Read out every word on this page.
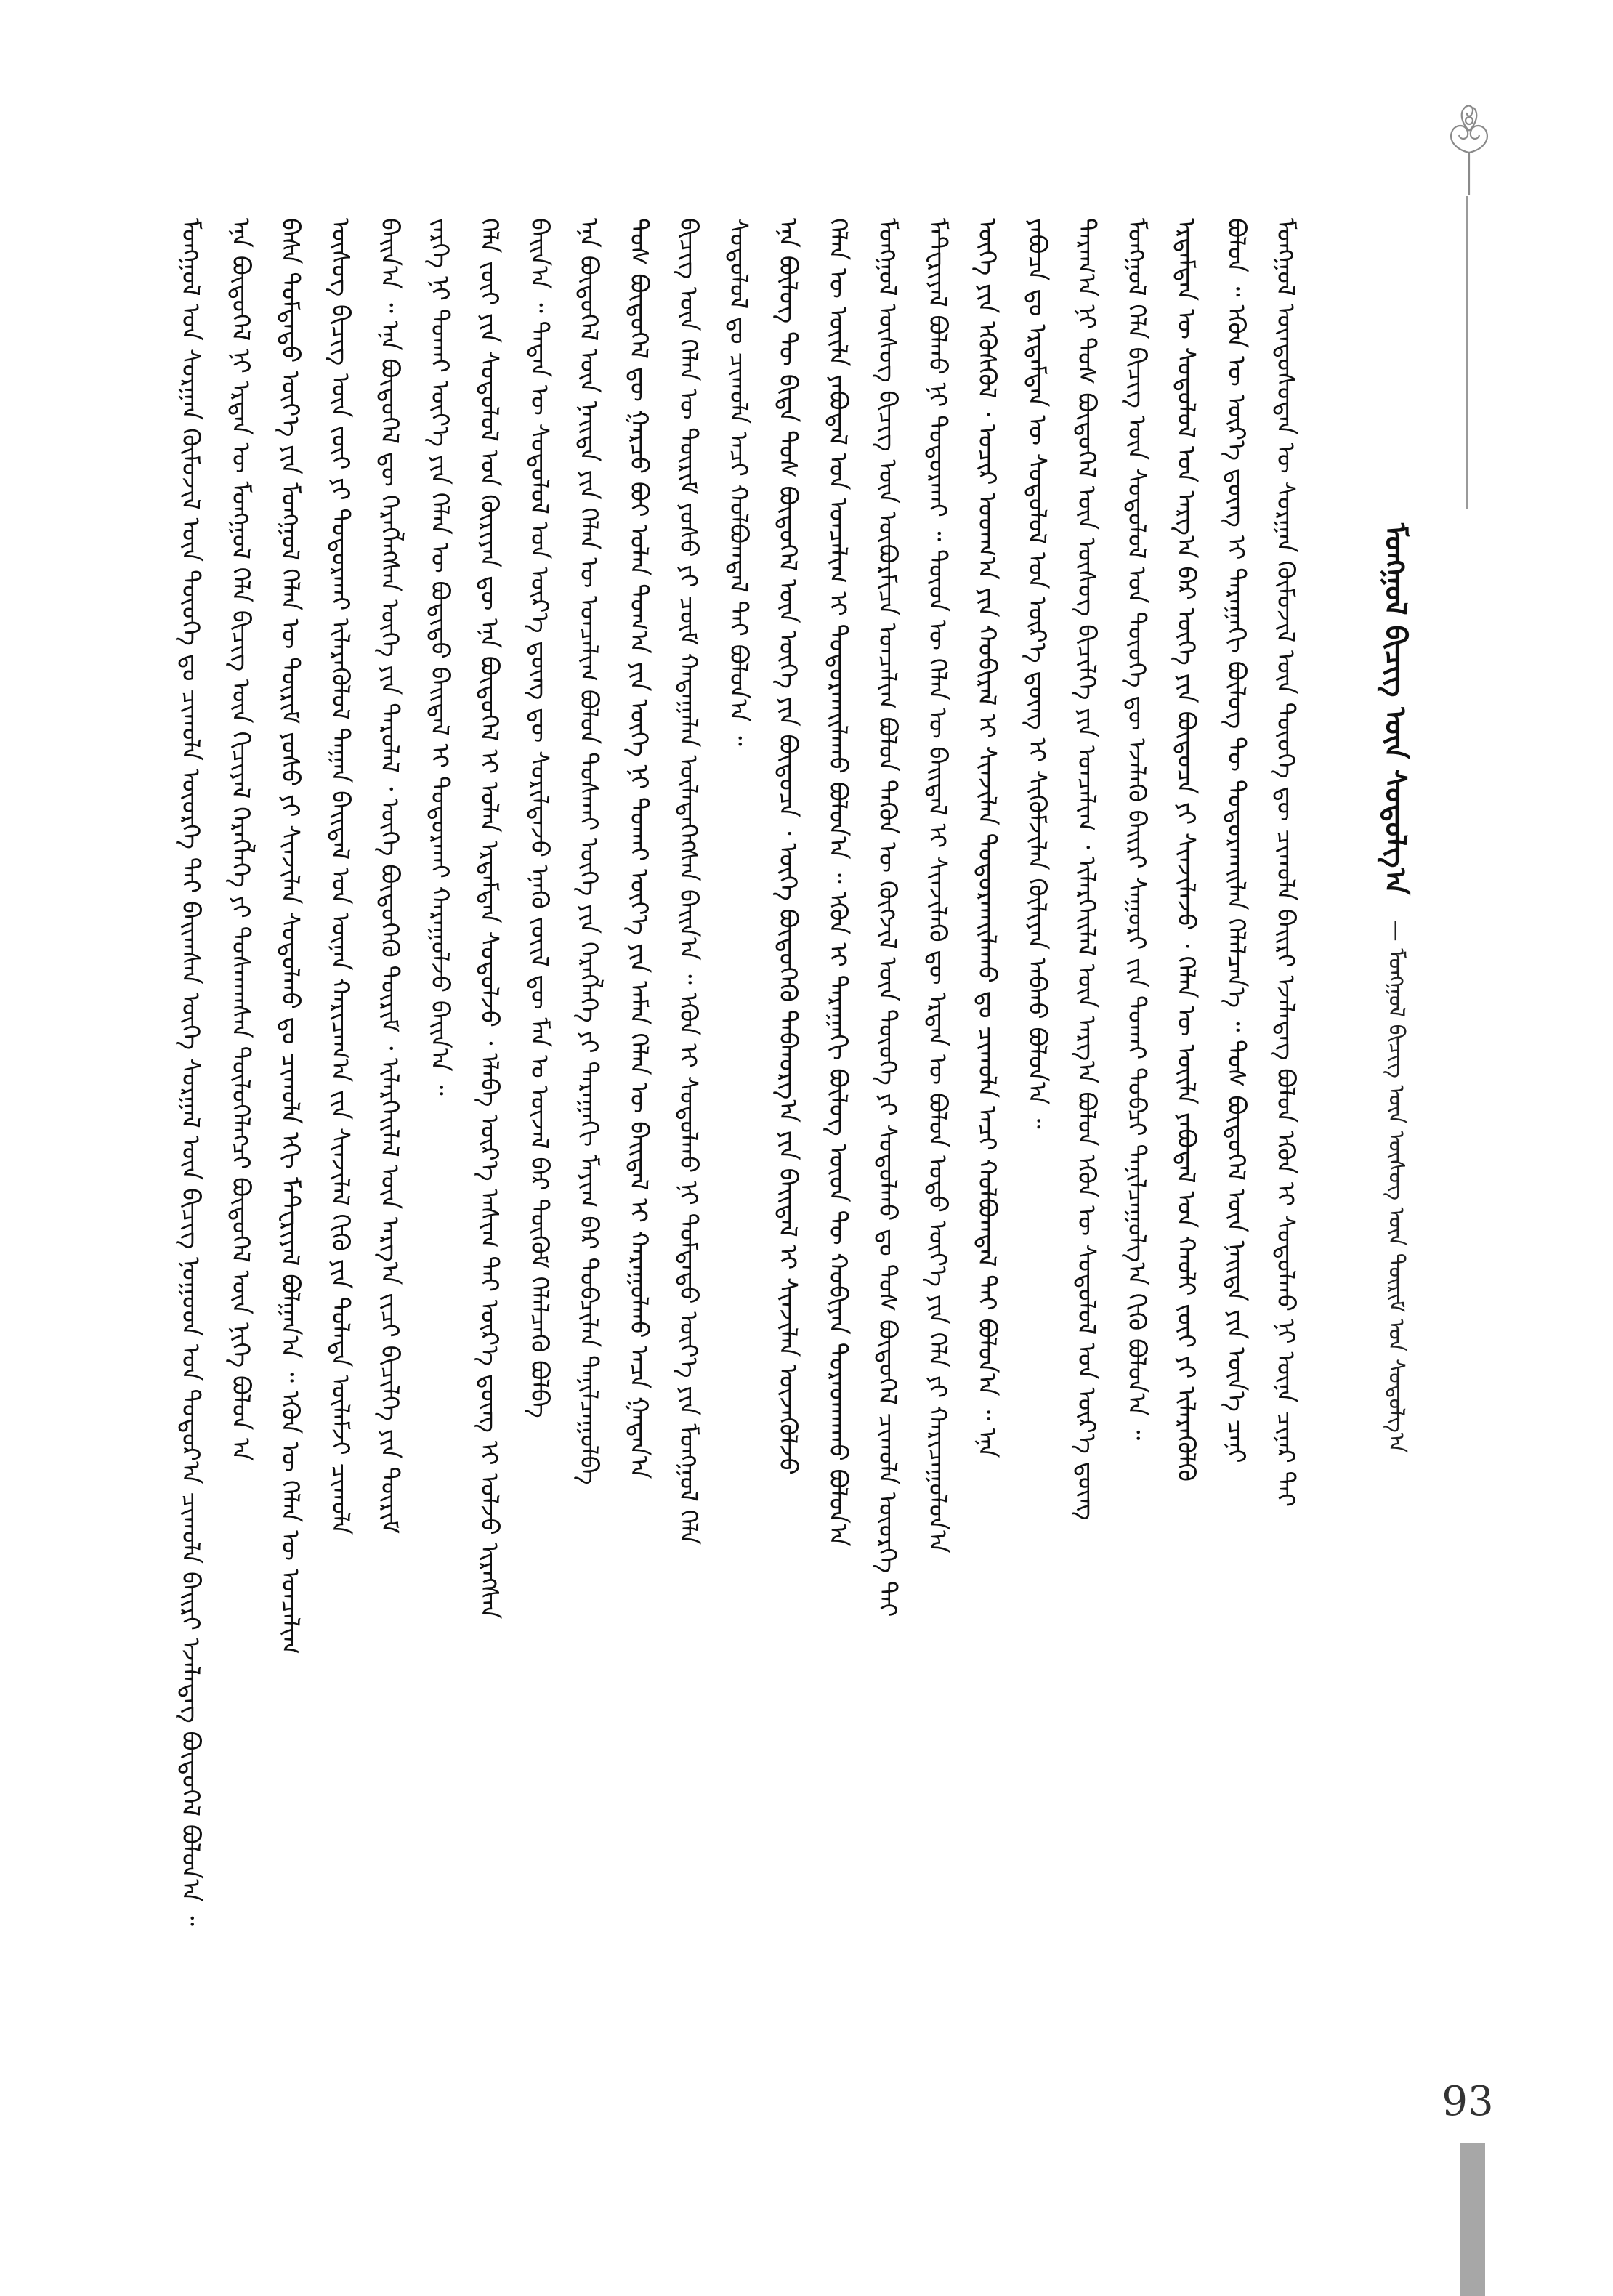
ᠮᠣᠩᠭᠣᠯ ᠪᠢᠴᠢᠭ ᠦᠨ ᠰᠤᠳᠤᠯᠭ᠎ᠠ
— ᠮᠣᠩᠭᠣᠯ ᠪᠢᠴᠢᠭ ᠦᠨ ᠦᠰᠦᠭ ᠦᠨ ᠳᠦᠷᠢᠮ ᠤᠨ ᠰᠤᠳᠤᠯᠭ᠎ᠠ
ᠮᠣᠩᠭᠣᠯ ᠤᠨ ᠰᠤᠷᠭᠠᠨ ᠬᠦᠮᠦᠵᠢᠯ ᠦᠨ ᠲᠦᠦᠬᠡ ᠳᠤ ᠴᠢᠬᠤᠯᠠ ᠦᠦᠷᠬᠡ ᠲᠠᠢ ᠪᠠᠢᠭᠰᠠᠨ ᠦᠭᠡ ᠰᠤᠷᠭᠠᠯ ᠦᠨ ᠪᠢᠴᠢᠭ ᠨᠤᠭᠤᠳ ᠤᠨ ᠳᠤᠳᠤᠷ᠎ᠠ ᠴᠢᠬᠤᠯᠠ ᠪᠠᠢᠷᠢ ᠡᠵᠡᠯᠡᠳᠡᠭ ᠪᠦᠲᠦᠭᠡᠯ ᠪᠣᠯᠤᠨ᠎ᠠ ᠃ ᠡᠨᠡ ᠪᠦᠲᠦᠭᠡᠯ ᠨᠢ ᠡᠷᠲᠡᠨ ᠦ ᠮᠣᠩᠭᠣᠯ ᠬᠡᠯᠡ ᠪᠢᠴᠢᠭ ᠦᠨ ᠬᠢᠴᠢᠶᠡᠯ ᠬᠡᠷᠡᠭᠯᠡᠭᠡ ᠶᠢ ᠲᠤᠰᠬᠠᠭᠰᠠᠨ ᠲᠦᠯᠦᠭᠡᠯᠡᠭᠴᠢ ᠪᠦᠲᠦᠭᠡᠯ ᠦᠨ ᠨᠢᠭᠡ ᠪᠣᠯᠤᠨ ᠠ ᠪᠠᠰᠠ ᠳᠤᠮᠳᠠᠳᠤ ᠦᠶ᠎ᠡ ᠶᠢᠨ ᠮᠣᠩᠭᠣᠯ ᠬᠡᠯᠡᠨ ᠦ ᠳᠦᠷᠢᠮ ᠶᠣᠰᠤ ᠶᠢ ᠰᠢᠨᠵᠢᠯᠡᠨ ᠰᠤᠳᠤᠯᠬᠤ ᠳᠤ ᠴᠢᠬᠤᠯᠠ ᠡᠬᠢ ᠮᠠᠲᠧᠷᠢᠶᠠᠯ ᠪᠣᠯᠭᠠᠨ᠎ᠠ ᠃ ᠡᠭᠦᠨ ᠦ ᠬᠡᠯᠡᠨ ᠦ ᠣᠨᠴᠠᠯᠢᠭ ᠦᠰᠦᠭ ᠪᠢᠴᠢᠭ ᠦᠨ ᠵᠦᠢ ᠶᠢ ᠲᠣᠳᠣᠷᠬᠠᠶ ᠢᠯᠡᠷᠡᠬᠦᠯᠦᠯ ᠳᠠᠭᠠᠨ ᠪᠠᠢᠳᠠᠯ ᠤᠨ ᠦᠨᠡᠨ ᠬᠠᠷᠢᠴᠠᠭ᠎ᠠ ᠵᠢᠨ ᠰᠢᠨᠵᠢᠯᠡᠯ ᠬᠢᠬᠦ ᠶᠢᠨ ᠲᠤᠯᠠᠳᠠ ᠦᠯᠡᠮᠵᠢ ᠴᠢᠬᠤᠯᠠ ᠪᠠᠢᠨ᠎ᠠ ᠃ ᠡᠨᠡ ᠪᠦᠲᠦᠭᠡᠯ ᠳᠦ ᠬᠡᠷᠡᠭᠯᠡᠭᠰᠡᠨ ᠦᠭᠡ ᠶᠢᠨ ᠳᠠᠷᠤᠯᠠᠯ ᠂ ᠦᠭᠡ ᠪᠦᠲᠦᠭᠡᠬᠦ ᠳᠦᠷᠢᠮ ᠂ ᠢᠯᠡᠷᠬᠡᠢᠯᠡᠯ ᠦᠨ ᠠᠷᠭ᠎ᠠ ᠵᠢᠴᠢ ᠪᠢᠴᠢᠯᠭᠡ ᠶᠢᠨ ᠳᠦᠷᠢᠮ ᠵᠡᠷᠭᠡ ᠨᠢ ᠲᠤᠬᠠᠢ ᠦᠶ᠎ᠡ ᠶᠢᠨ ᠬᠡᠯᠡᠨ ᠦ ᠪᠣᠳᠢᠲᠤ ᠪᠠᠢᠳᠠᠯ ᠢ ᠲᠣᠳᠣᠷᠬᠠᠢ ᠬᠠᠷᠠᠭᠤᠯᠵᠤ ᠪᠠᠢᠨ᠎ᠠ ᠃ ᠬᠡᠯᠡ ᠵᠦᠢ ᠶᠢᠨ ᠰᠤᠳᠤᠯᠤᠯ ᠤᠨ ᠬᠦᠷᠢᠶᠡᠨ ᠳᠦ ᠡᠨᠡ ᠪᠦᠲᠦᠭᠡᠯ ᠢ ᠣᠯᠠᠨ ᠡᠷᠳᠡᠮᠲᠡᠨ ᠰᠤᠳᠤᠯᠵᠤ ᠂ ᠡᠯᠡᠪᠡ ᠦᠷ᠎ᠡ ᠠᠰᠢᠭ ᠲᠠᠢ ᠦᠷ᠎ᠡ ᠳ᠋ᠦᠩ ᠢ ᠣᠯᠵᠤ ᠢᠷᠡᠭᠰᠡᠨ ᠪᠠᠢᠨ᠎ᠠ ᠃ ᠲᠡᠳᠡᠨ ᠦ ᠰᠤᠳᠤᠯᠤᠯ ᠤᠨ ᠦᠷ᠎ᠡ ᠳ᠋ᠦᠩ ᠳᠦ ᠰᠤᠷᠢᠯᠳᠠᠵᠤ ᠡᠨᠡᠬᠦ ᠵᠦᠢᠯ ᠳᠦ ᠮᠠᠨ ᠤ ᠦᠵᠡᠯ ᠪᠠᠷ ᠳᠦᠭᠦᠮ ᠬᠡᠯᠡᠯᠴᠡᠬᠦ ᠪᠣᠯᠪᠠ ᠡᠨᠡ ᠪᠦᠲᠦᠭᠡᠯ ᠦᠨ ᠨᠡᠢᠲᠡ ᠶᠢᠨ ᠬᠡᠯᠡᠨ ᠦ ᠣᠨᠴᠠᠯᠢᠭ ᠪᠣᠯᠤᠨ ᠲᠤᠰᠬᠠᠢ ᠦᠭᠡ ᠶᠢᠨ ᠬᠡᠷᠡᠭᠯᠡᠭᠡ ᠶᠢ ᠳᠠᠷᠠᠭᠠᠬᠢ ᠮᠠᠶᠢᠭ ᠪᠠᠷ ᠲᠣᠪᠴᠢᠯᠠᠨ ᠲᠠᠨᠢᠯᠴᠠᠭᠤᠯᠪᠠ ᠲᠤᠰ ᠪᠦᠲᠦᠭᠡᠯ ᠳᠦ ᠭᠠᠷᠴᠤ ᠪᠤᠢ ᠣᠯᠠᠨ ᠲᠣᠭ᠎ᠠ ᠶᠢᠨ ᠦᠭᠡ ᠨᠢ ᠲᠤᠬᠠᠢ ᠦᠶ᠎ᠡ ᠶᠢᠨ ᠠᠮᠠᠨ ᠬᠡᠯᠡᠨ ᠦ ᠪᠠᠢᠳᠠᠯ ᠢ ᠬᠠᠷᠠᠭᠤᠯᠬᠤ ᠠᠴᠠ ᠭᠠᠳᠠᠨ᠎ᠠ ᠪᠢᠴᠢᠭ ᠦᠨ ᠬᠡᠯᠡᠨ ᠦ ᠳᠦᠷᠢᠮ ᠶᠣᠰᠤ ᠶᠢ ᠴᠦᠮ ᠬᠠᠳᠠᠭᠠᠯᠠᠨ ᠦᠯᠡᠳᠡᠭᠡᠭᠰᠡᠨ ᠪᠠᠢᠨ᠎ᠠ ᠃ ᠡᠭᠦᠨ ᠢ ᠰᠤᠳᠤᠯᠬᠤ ᠨᠢ ᠳᠤᠮᠳᠠᠳᠤ ᠦᠶ᠎ᠡ ᠶᠢᠨ ᠮᠣᠩᠭᠣᠯ ᠬᠡᠯᠡ ᠰᠤᠳᠤᠯᠤᠯ ᠳᠤ ᠴᠢᠬᠤᠯᠠ ᠠᠴᠢ ᠬᠣᠯᠪᠣᠭᠳᠠᠯ ᠲᠠᠢ ᠪᠣᠯᠤᠨ᠎ᠠ ᠃ ᠡᠨᠡ ᠪᠦᠯᠦᠭ ᠲᠦ ᠪᠢᠳᠡ ᠲᠤᠰ ᠪᠦᠲᠦᠭᠡᠯ ᠦᠨ ᠦᠭᠡ ᠶᠢᠨ ᠪᠦᠲᠦᠴᠡ ᠂ ᠦᠭᠡ ᠪᠦᠲᠦᠭᠡᠬᠦ ᠳᠠᠪᠬᠤᠷᠭ᠎ᠠ ᠶᠢᠨ ᠪᠠᠢᠳᠠᠯ ᠢ ᠰᠢᠨᠵᠢᠯᠡᠨ ᠦᠵᠡᠭᠦᠯᠵᠦ ᠬᠡᠯᠡᠨ ᠦ ᠦᠢᠯᠡ ᠶᠠᠪᠤᠳᠠᠯ ᠤᠨ ᠣᠨᠴᠠᠯᠢᠭ ᠢ ᠲᠣᠳᠣᠷᠬᠠᠢᠯᠠᠬᠤ ᠪᠣᠯᠤᠨ᠎ᠠ ᠃ ᠡᠭᠦᠨ ᠢ ᠳᠠᠷᠠᠭᠠᠬᠢ ᠪᠦᠯᠦᠭ ᠦᠳ ᠲᠦ ᠬᠤᠪᠢᠶᠠᠨ ᠳᠤᠷᠠᠳᠬᠠᠬᠤ ᠪᠣᠯᠤᠨ᠎ᠠ ᠮᠣᠩᠭᠣᠯ ᠦᠰᠦᠭ ᠪᠢᠴᠢᠭ ᠦᠨ ᠦᠪᠦᠷᠮᠢᠴᠡ ᠣᠨᠴᠠᠯᠢᠭ ᠪᠣᠯᠤᠨ ᠲᠡᠭᠦᠨ ᠦ ᠬᠦᠭᠵᠢᠯ ᠦᠨ ᠲᠦᠦᠬᠡ ᠶᠢ ᠰᠤᠳᠤᠯᠬᠤ ᠳᠤ ᠲᠤᠰ ᠪᠦᠲᠦᠭᠡᠯ ᠴᠢᠬᠤᠯᠠ ᠦᠦᠷᠬᠡ ᠲᠠᠢ ᠮᠠᠲᠧᠷᠢᠶᠠᠯ ᠪᠣᠯᠬᠤ ᠨᠢ ᠲᠣᠳᠣᠷᠬᠠᠢ ᠃ ᠲᠦᠦᠨ ᠦ ᠬᠡᠯᠡᠨ ᠦ ᠪᠠᠢᠳᠠᠯ ᠢ ᠰᠢᠨᠵᠢᠯᠡᠬᠦ ᠳᠦ ᠡᠷᠲᠡᠨ ᠦ ᠪᠣᠯᠤᠨ ᠣᠳᠣ ᠦᠶ᠎ᠡ ᠶᠢᠨ ᠬᠡᠯᠡ ᠶᠢ ᠬᠠᠷᠢᠴᠠᠭᠤᠯᠤᠨ᠎ᠠ ᠦᠭᠡ ᠶᠢᠨ ᠡᠭᠦᠰᠬᠦᠯ ᠂ ᠤᠴᠢᠷ ᠤᠳᠬ᠎ᠠ ᠶᠢᠨ ᠬᠤᠪᠢᠷᠠᠯ ᠢ ᠰᠢᠨᠵᠢᠯᠡᠨ ᠲᠣᠳᠣᠷᠬᠠᠢᠯᠠᠬᠤ ᠳᠤ ᠴᠢᠬᠤᠯᠠ ᠠᠴᠢ ᠬᠣᠯᠪᠣᠭᠳᠠᠯ ᠲᠠᠢ ᠪᠣᠯᠤᠨ᠎ᠠ ᠃ ᠡᠨᠡ ᠶᠠᠪᠤᠴᠠ ᠳᠤ ᠡᠷᠳᠡᠮᠲᠡᠨ ᠦ ᠰᠤᠳᠤᠯᠤᠯ ᠤᠨ ᠦᠷ᠎ᠡ ᠳ᠋ᠦᠩ ᠢ ᠰᠢᠭᠦᠮᠵᠢᠯᠡᠨ ᠬᠦᠯᠢᠶᠡᠨ ᠠᠪᠬᠤ ᠪᠣᠯᠤᠨ᠎ᠠ ᠃ ᠳᠠᠷᠠᠭ᠎ᠠ ᠨᠢ ᠲᠤᠰ ᠪᠦᠲᠦᠭᠡᠯ ᠦᠨ ᠦᠰᠦᠭ ᠪᠢᠴᠢᠯᠭᠡ ᠶᠢᠨ ᠣᠨᠴᠠᠯᠢᠭ ᠂ ᠢᠯᠡᠷᠬᠡᠢᠯᠡᠯ ᠦᠨ ᠠᠷᠭ᠎ᠠ ᠪᠣᠯᠤᠨ ᠡᠭᠦᠨ ᠦ ᠰᠤᠳᠤᠯᠤᠯ ᠤᠨ ᠦᠷ᠎ᠡ ᠳ᠋ᠦᠩ ᠮᠣᠩᠭᠣᠯ ᠬᠡᠯᠡ ᠪᠢᠴᠢᠭ ᠦᠨ ᠰᠤᠳᠤᠯᠤᠯ ᠤᠨ ᠲᠦᠦᠬᠡ ᠳᠦ ᠡᠵᠡᠯᠡᠬᠦ ᠪᠠᠢᠷᠢ ᠰᠠᠭᠤᠷᠢ ᠵᠢᠨ ᠲᠤᠬᠠᠢ ᠲᠣᠪᠴᠢ ᠲᠠᠨᠢᠯᠴᠠᠭᠤᠯᠭ᠎ᠠ ᠬᠢᠬᠦ ᠪᠣᠯᠤᠨ᠎ᠠ ᠃ ᠡᠷᠳᠡᠮᠲᠡᠨ ᠦ ᠰᠤᠳᠤᠯᠤᠯ ᠤᠨ ᠠᠷᠭ᠎ᠠ ᠪᠠᠷ ᠦᠭᠡ ᠶᠢᠨ ᠪᠦᠲᠦᠴᠡ ᠶᠢ ᠰᠢᠨᠵᠢᠯᠡᠵᠦ ᠂ ᠬᠡᠯᠡᠨ ᠦ ᠦᠢᠯᠡ ᠶᠠᠪᠤᠳᠠᠯ ᠤᠨ ᠬᠠᠤᠯᠢ ᠵᠦᠢ ᠶᠢ ᠢᠯᠡᠷᠡᠬᠦᠯᠬᠦ ᠪᠣᠯᠤᠨ ᠃ ᠡᠭᠦᠨ ᠦ ᠦᠷ᠎ᠡ ᠳ᠋ᠦᠩ ᠢ ᠳᠠᠷᠠᠭᠠᠬᠢ ᠪᠦᠯᠦᠭ ᠲᠦ ᠲᠣᠳᠣᠷᠬᠠᠢᠯᠠᠨ ᠬᠡᠯᠡᠯᠴᠡᠨ᠎ᠡ ᠃ ᠲᠤᠰ ᠪᠦᠲᠦᠭᠡᠯ ᠦᠨ ᠨᠡᠢᠲᠡ ᠶᠢᠨ ᠦᠨ᠎ᠡ ᠴᠡᠨᠢ ᠮᠣᠩᠭᠣᠯ ᠦᠨᠳᠦᠰᠦᠲᠡᠨ ᠦ ᠰᠤᠷᠭᠠᠨ ᠬᠦᠮᠦᠵᠢᠯ ᠦᠨ ᠲᠦᠦᠬᠡ ᠳᠦ ᠴᠢᠬᠤᠯᠠ ᠪᠠᠢᠷᠢ ᠡᠵᠡᠯᠡᠳᠡᠭ ᠪᠣᠯᠤᠨ ᠡᠭᠦᠨ ᠢ ᠰᠤᠳᠤᠯᠬᠤ ᠨᠢ ᠦᠨᠡ ᠴᠢᠨᠠᠷ ᠲᠠᠢ
93
